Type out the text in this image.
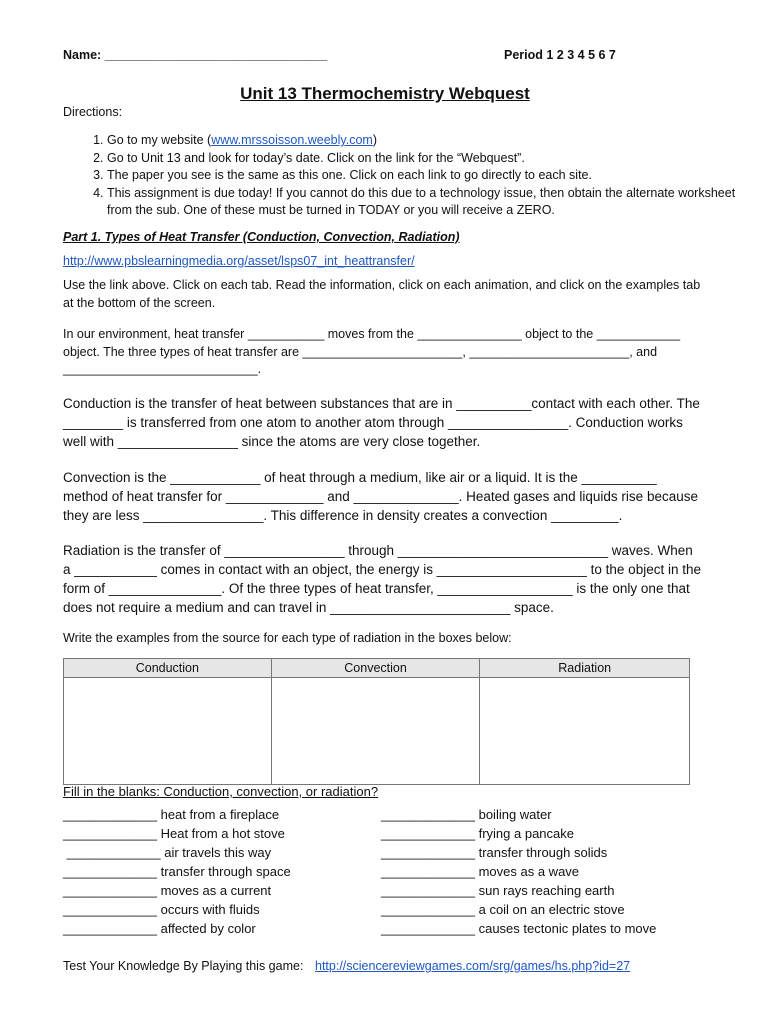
Name: ________________________________	Period 1 2 3 4 5 6 7
Unit 13 Thermochemistry Webquest
Directions:
1. Go to my website (www.mrssoisson.weebly.com)
2. Go to Unit 13 and look for today’s date. Click on the link for the “Webquest”.
3. The paper you see is the same as this one. Click on each link to go directly to each site.
4. This assignment is due today! If you cannot do this due to a technology issue, then obtain the alternate worksheet from the sub. One of these must be turned in TODAY or you will receive a ZERO.
Part 1. Types of Heat Transfer (Conduction, Convection, Radiation)
http://www.pbslearningmedia.org/asset/lsps07_int_heattransfer/
Use the link above. Click on each tab. Read the information, click on each animation, and click on the examples tab at the bottom of the screen.
In our environment, heat transfer ___________ moves from the _______________ object to the ____________ object. The three types of heat transfer are _______________________, _______________________, and ____________________________.
Conduction is the transfer of heat between substances that are in __________contact with each other. The ________ is transferred from one atom to another atom through ________________. Conduction works well with ________________ since the atoms are very close together.
Convection is the ____________ of heat through a medium, like air or a liquid. It is the __________ method of heat transfer for _____________ and ______________. Heated gases and liquids rise because they are less ________________. This difference in density creates a convection _________.
Radiation is the transfer of ________________ through ____________________________ waves. When a ___________ comes in contact with an object, the energy is ____________________ to the object in the form of _______________. Of the three types of heat transfer, __________________ is the only one that does not require a medium and can travel in ________________________ space.
Write the examples from the source for each type of radiation in the boxes below:
Conduction	Convection	Radiation

Fill in the blanks: Conduction, convection, or radiation?
_____________ heat from a fireplace
_____________ Heat from a hot stove
_____________ air travels this way
_____________ transfer through space
_____________ moves as a current
_____________ occurs with fluids
_____________ affected by color
_____________ boiling water
_____________ frying a pancake
_____________ transfer through solids
_____________ moves as a wave
_____________ sun rays reaching earth
_____________ a coil on an electric stove
_____________ causes tectonic plates to move
Test Your Knowledge By Playing this game: http://sciencereviewgames.com/srg/games/hs.php?id=27
